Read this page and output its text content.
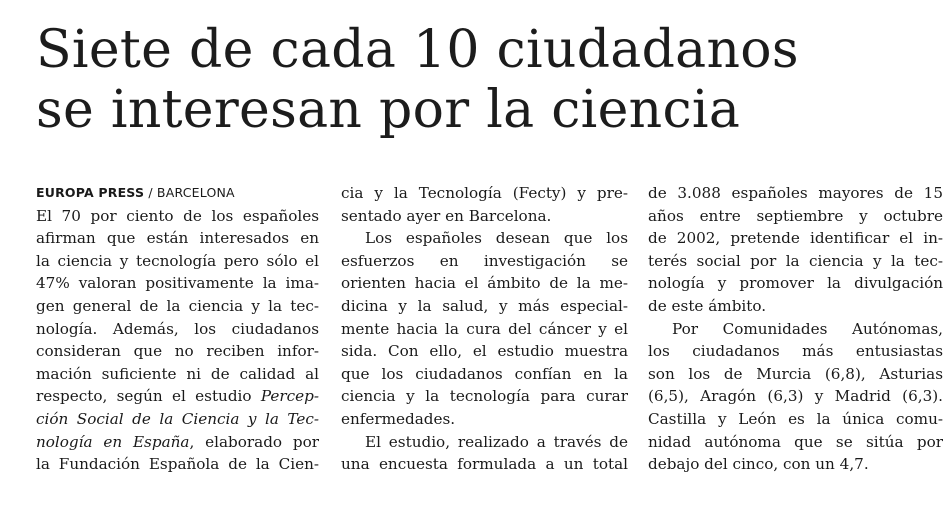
Siete de cada 10 ciudadanos
se interesan por la ciencia
EUROPA PRESS / BARCELONA
El 70 por ciento de los españoles
afirman que están interesados en
la ciencia y tecnología pero sólo el
47% valoran positivamente la ima-
gen general de la ciencia y la tec-
nología. Además, los ciudadanos
consideran que no reciben infor-
mación suficiente ni de calidad al
respecto, según el estudio Percep-
ción Social de la Ciencia y la Tec-
nología en España, elaborado por
la Fundación Española de la Cien-
cia y la Tecnología (Fecty) y pre-
sentado ayer en Barcelona.
Los españoles desean que los
esfuerzos en investigación se
orienten hacia el ámbito de la me-
dicina y la salud, y más especial-
mente hacia la cura del cáncer y el
sida. Con ello, el estudio muestra
que los ciudadanos confían en la
ciencia y la tecnología para curar
enfermedades.
El estudio, realizado a través de
una encuesta formulada a un total
de 3.088 españoles mayores de 15
años entre septiembre y octubre
de 2002, pretende identificar el in-
terés social por la ciencia y la tec-
nología y promover la divulgación
de este ámbito.
Por Comunidades Autónomas,
los ciudadanos más entusiastas
son los de Murcia (6,8), Asturias
(6,5), Aragón (6,3) y Madrid (6,3).
Castilla y León es la única comu-
nidad autónoma que se sitúa por
debajo del cinco, con un 4,7.
